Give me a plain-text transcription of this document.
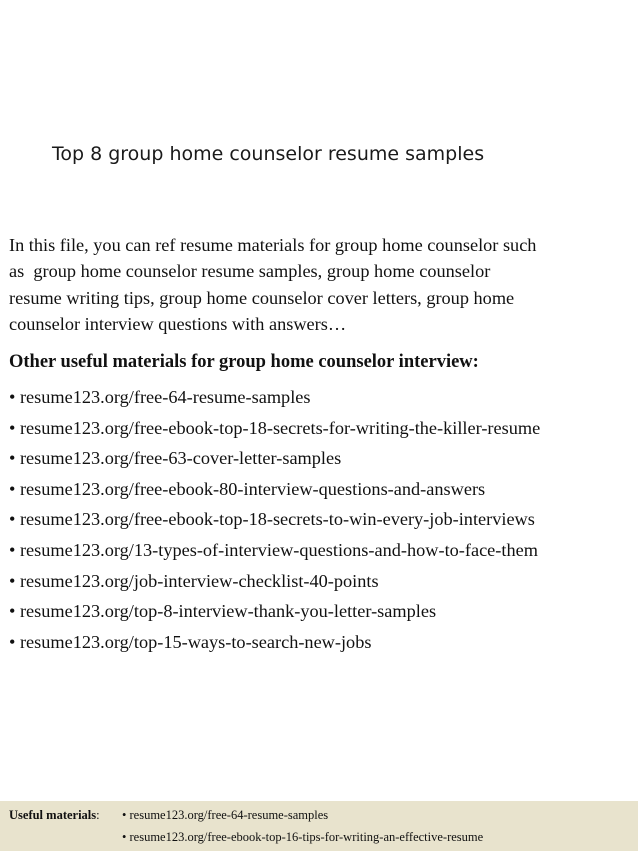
Top 8 group home counselor resume samples
In this file, you can ref resume materials for group home counselor such
as  group home counselor resume samples, group home counselor
resume writing tips, group home counselor cover letters, group home
counselor interview questions with answers…
Other useful materials for group home counselor interview:
• resume123.org/free-64-resume-samples
• resume123.org/free-ebook-top-18-secrets-for-writing-the-killer-resume
• resume123.org/free-63-cover-letter-samples
• resume123.org/free-ebook-80-interview-questions-and-answers
• resume123.org/free-ebook-top-18-secrets-to-win-every-job-interviews
• resume123.org/13-types-of-interview-questions-and-how-to-face-them
• resume123.org/job-interview-checklist-40-points
• resume123.org/top-8-interview-thank-you-letter-samples
• resume123.org/top-15-ways-to-search-new-jobs
Useful materials: • resume123.org/free-64-resume-samples
• resume123.org/free-ebook-top-16-tips-for-writing-an-effective-resume
